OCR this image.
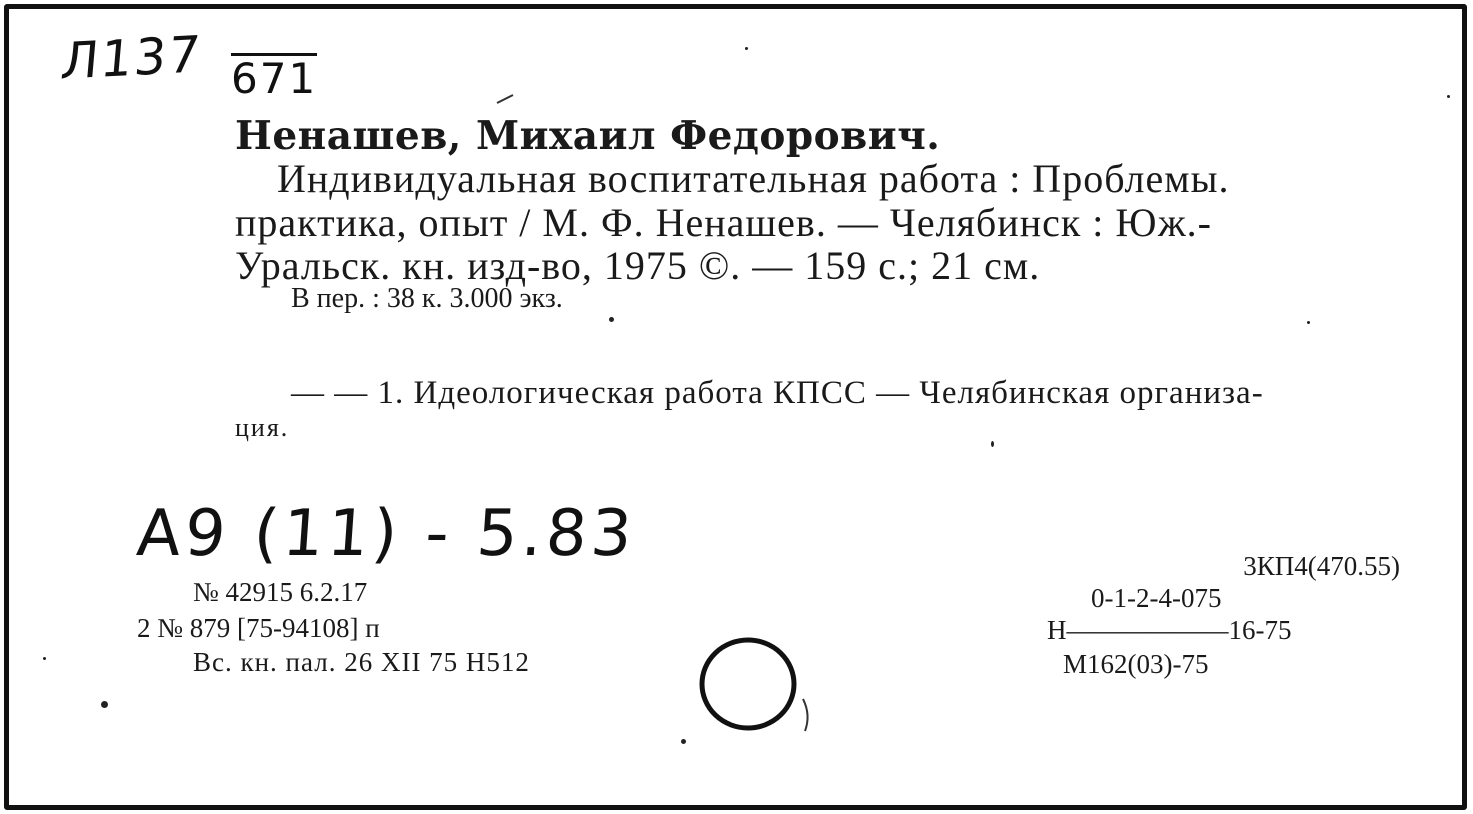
Л137 671

Ненашев, Михаил Федорович.

Индивидуальная воспитательная работа : Проблемы.

практика, опыт / М. Ф. Ненашев. — Челябинск : Юж.-

Уральск. кн. изд-во, 1975 ©. — 159 с.; 21 см.

В пер. : 38 к. 3.000 экз.

— — 1. Идеологическая работа КПСС — Челябинская организа-

ция.

А9 (11) - 5.83

№ 42915 6.2.17

2 № 879 [75-94108] п

Вс. кн. пал. 26 XII 75 Н512

3КП4(470.55)

0-1-2-4-075

Н——————16-75

М162(03)-75
